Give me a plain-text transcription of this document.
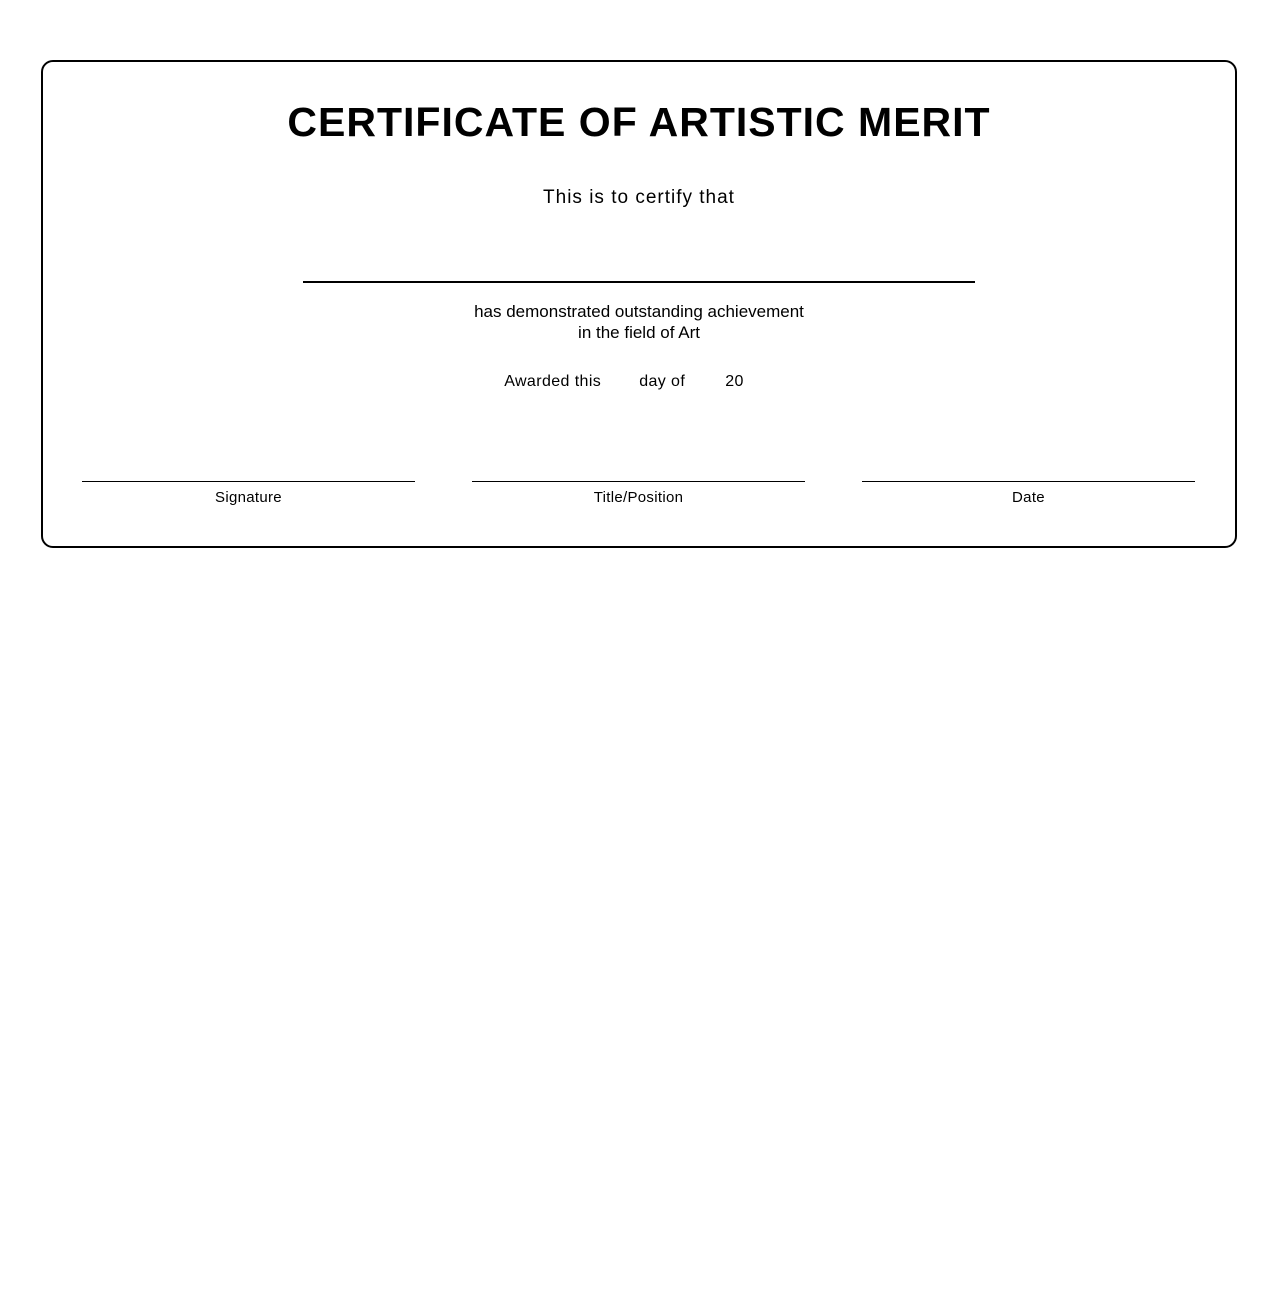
CERTIFICATE OF ARTISTIC MERIT

This is to certify that

has demonstrated outstanding achievement
in the field of Art

Awarded this day of	20

Signature	Title/Position	Date
